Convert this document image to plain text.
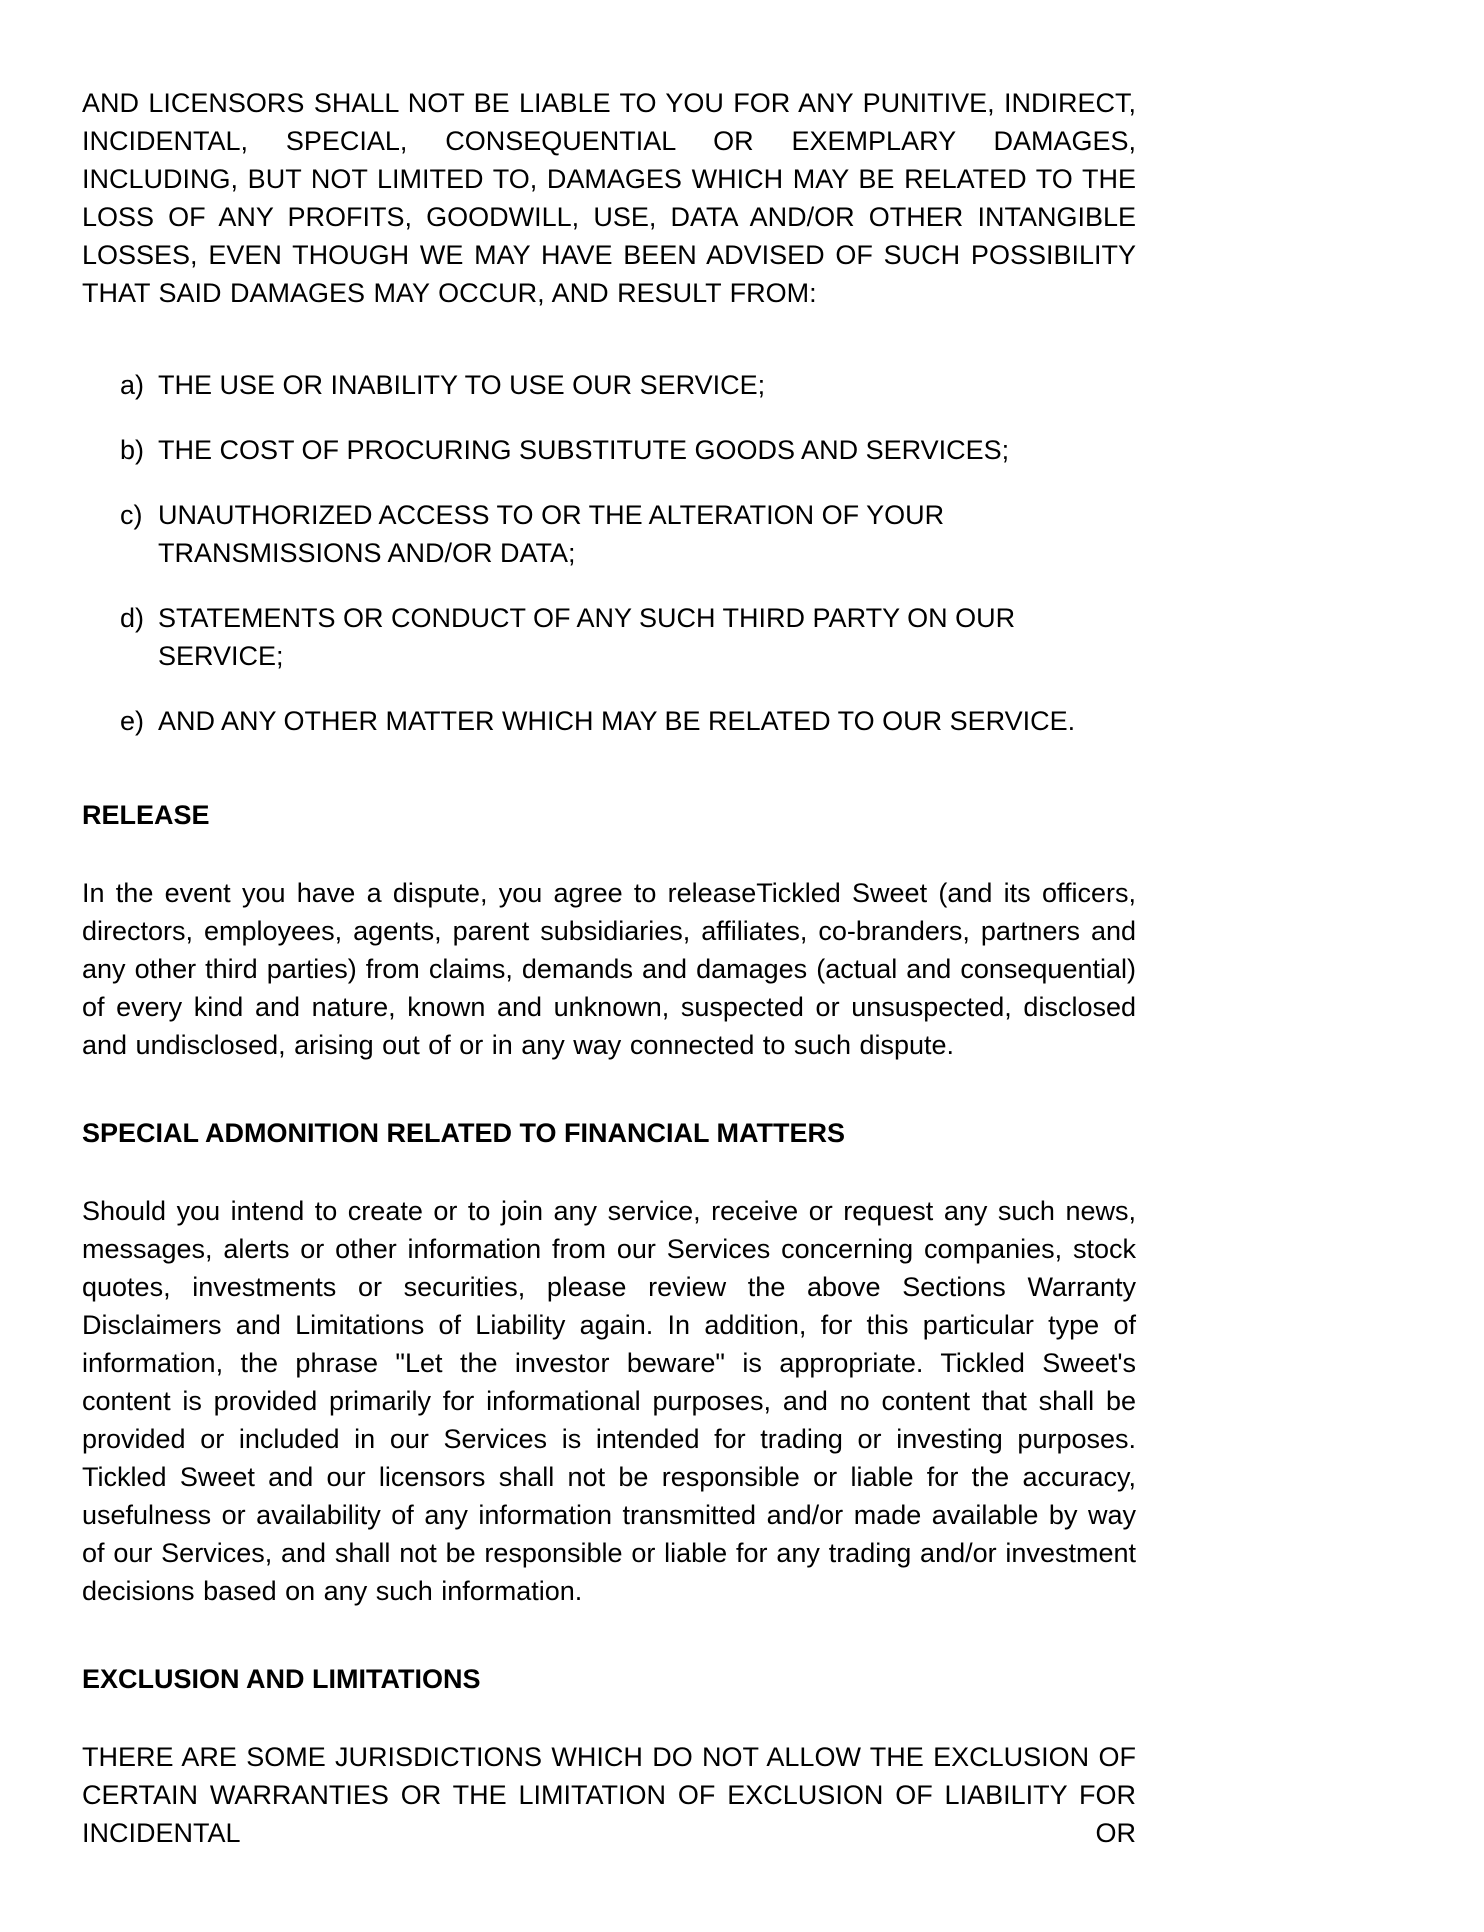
AND LICENSORS SHALL NOT BE LIABLE TO YOU FOR ANY PUNITIVE, INDIRECT, INCIDENTAL, SPECIAL, CONSEQUENTIAL OR EXEMPLARY DAMAGES, INCLUDING, BUT NOT LIMITED TO, DAMAGES WHICH MAY BE RELATED TO THE LOSS OF ANY PROFITS, GOODWILL, USE, DATA AND/OR OTHER INTANGIBLE LOSSES, EVEN THOUGH WE MAY HAVE BEEN ADVISED OF SUCH POSSIBILITY THAT SAID DAMAGES MAY OCCUR, AND RESULT FROM:

a) THE USE OR INABILITY TO USE OUR SERVICE;
b) THE COST OF PROCURING SUBSTITUTE GOODS AND SERVICES;
c) UNAUTHORIZED ACCESS TO OR THE ALTERATION OF YOUR TRANSMISSIONS AND/OR DATA;
d) STATEMENTS OR CONDUCT OF ANY SUCH THIRD PARTY ON OUR SERVICE;
e) AND ANY OTHER MATTER WHICH MAY BE RELATED TO OUR SERVICE.
RELEASE

In the event you have a dispute, you agree to releaseTickled Sweet (and its officers, directors, employees, agents, parent subsidiaries, affiliates, co-branders, partners and any other third parties) from claims, demands and damages (actual and consequential) of every kind and nature, known and unknown, suspected or unsuspected, disclosed and undisclosed, arising out of or in any way connected to such dispute.

SPECIAL ADMONITION RELATED TO FINANCIAL MATTERS

Should you intend to create or to join any service, receive or request any such news, messages, alerts or other information from our Services concerning companies, stock quotes, investments or securities, please review the above Sections Warranty Disclaimers and Limitations of Liability again. In addition, for this particular type of information, the phrase "Let the investor beware" is appropriate. Tickled Sweet's content is provided primarily for informational purposes, and no content that shall be provided or included in our Services is intended for trading or investing purposes. Tickled Sweet and our licensors shall not be responsible or liable for the accuracy, usefulness or availability of any information transmitted and/or made available by way of our Services, and shall not be responsible or liable for any trading and/or investment decisions based on any such information.

EXCLUSION AND LIMITATIONS

THERE ARE SOME JURISDICTIONS WHICH DO NOT ALLOW THE EXCLUSION OF CERTAIN WARRANTIES OR THE LIMITATION OF EXCLUSION OF LIABILITY FOR INCIDENTAL OR
